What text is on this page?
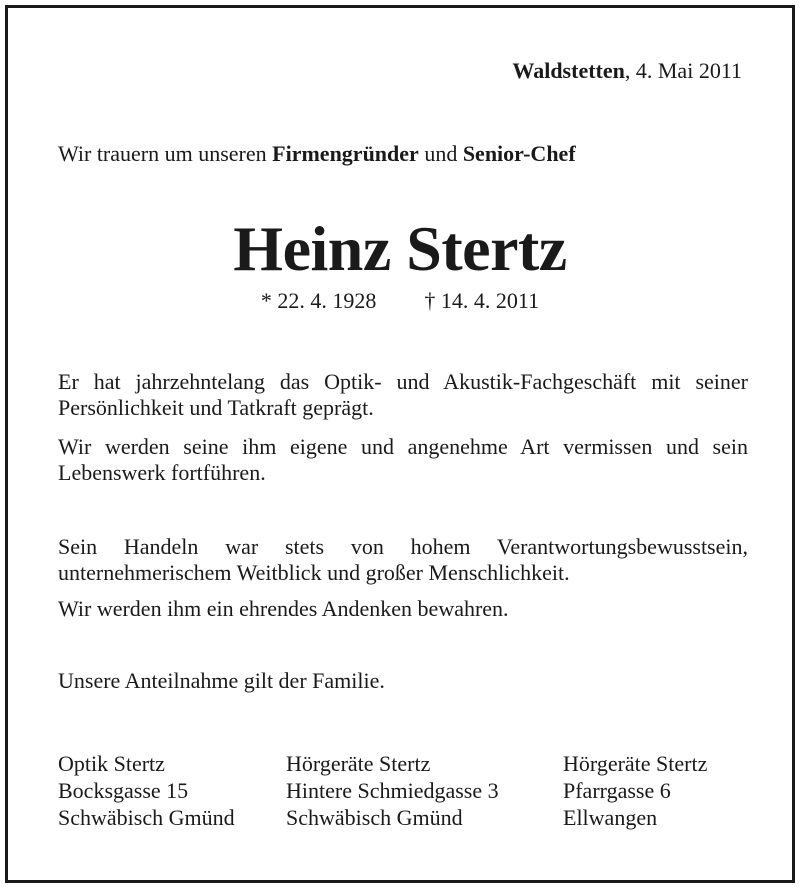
Waldstetten, 4. Mai 2011
Wir trauern um unseren Firmengründer und Senior-Chef
Heinz Stertz
* 22. 4. 1928 † 14. 4. 2011
Er hat jahrzehntelang das Optik- und Akustik-Fachgeschäft mit seiner Persönlichkeit und Tatkraft geprägt.
Wir werden seine ihm eigene und angenehme Art vermissen und sein Lebenswerk fortführen.
Sein Handeln war stets von hohem Verantwortungsbewusstsein, unternehmerischem Weitblick und großer Menschlichkeit.
Wir werden ihm ein ehrendes Andenken bewahren.
Unsere Anteilnahme gilt der Familie.
Optik Stertz
Bocksgasse 15
Schwäbisch Gmünd
Hörgeräte Stertz
Hintere Schmiedgasse 3
Schwäbisch Gmünd
Hörgeräte Stertz
Pfarrgasse 6
Ellwangen
